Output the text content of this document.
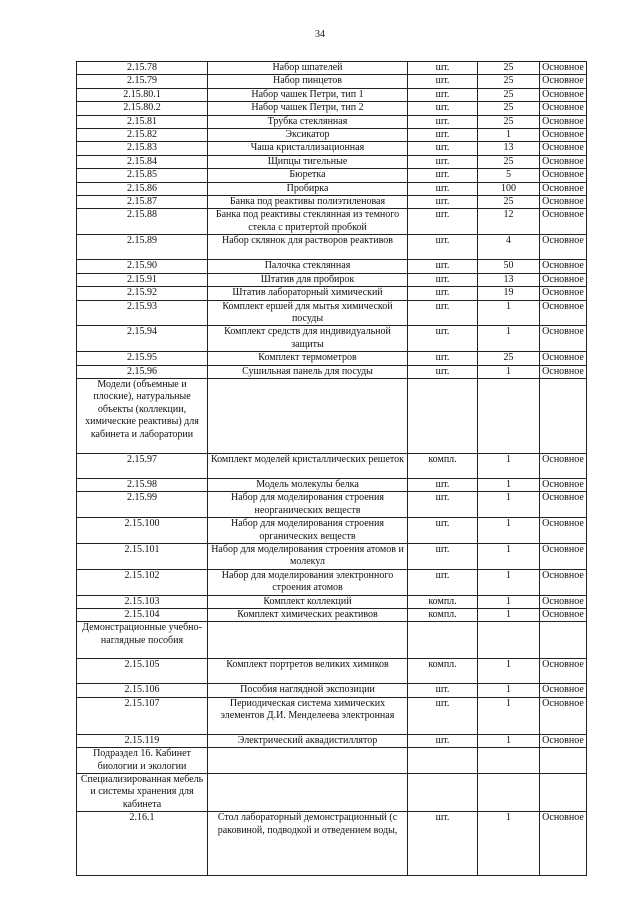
34
2.15.78	Набор шпателей	шт.	25	Основное
2.15.79	Набор пинцетов	шт.	25	Основное
2.15.80.1	Набор чашек Петри, тип 1	шт.	25	Основное
2.15.80.2	Набор чашек Петри, тип 2	шт.	25	Основное
2.15.81	Трубка стеклянная	шт.	25	Основное
2.15.82	Эксикатор	шт.	1	Основное
2.15.83	Чаша кристаллизационная	шт.	13	Основное
2.15.84	Щипцы тигельные	шт.	25	Основное
2.15.85	Бюретка	шт.	5	Основное
2.15.86	Пробирка	шт.	100	Основное
2.15.87	Банка под реактивы полиэтиленовая	шт.	25	Основное
2.15.88	Банка под реактивы стеклянная из темного стекла с притертой пробкой	шт.	12	Основное
2.15.89	Набор склянок для растворов реактивов	шт.	4	Основное
2.15.90	Палочка стеклянная	шт.	50	Основное
2.15.91	Штатив для пробирок	шт.	13	Основное
2.15.92	Штатив лабораторный химический	шт.	19	Основное
2.15.93	Комплект ершей для мытья химической посуды	шт.	1	Основное
2.15.94	Комплект средств для индивидуальной защиты	шт.	1	Основное
2.15.95	Комплект термометров	шт.	25	Основное
2.15.96	Сушильная панель для посуды	шт.	1	Основное
Модели (объемные и плоские), натуральные объекты (коллекции, химические реактивы) для кабинета и лаборатории				
2.15.97	Комплект моделей кристаллических решеток	компл.	1	Основное
2.15.98	Модель молекулы белка	шт.	1	Основное
2.15.99	Набор для моделирования строения неорганических веществ	шт.	1	Основное
2.15.100	Набор для моделирования строения органических веществ	шт.	1	Основное
2.15.101	Набор для моделирования строения атомов и молекул	шт.	1	Основное
2.15.102	Набор для моделирования электронного строения атомов	шт.	1	Основное
2.15.103	Комплект коллекций	компл.	1	Основное
2.15.104	Комплект химических реактивов	компл.	1	Основное
Демонстрационные учебно-наглядные пособия				
2.15.105	Комплект портретов великих химиков	компл.	1	Основное
2.15.106	Пособия наглядной экспозиции	шт.	1	Основное
2.15.107	Периодическая система химических элементов Д.И. Менделеева электронная	шт.	1	Основное
2.15.119	Электрический аквадистиллятор	шт.	1	Основное
Подраздел 16. Кабинет биологии и экологии				
Специализированная мебель и системы хранения для кабинета				
2.16.1	Стол лабораторный демонстрационный (с раковиной, подводкой и отведением воды,	шт.	1	Основное
